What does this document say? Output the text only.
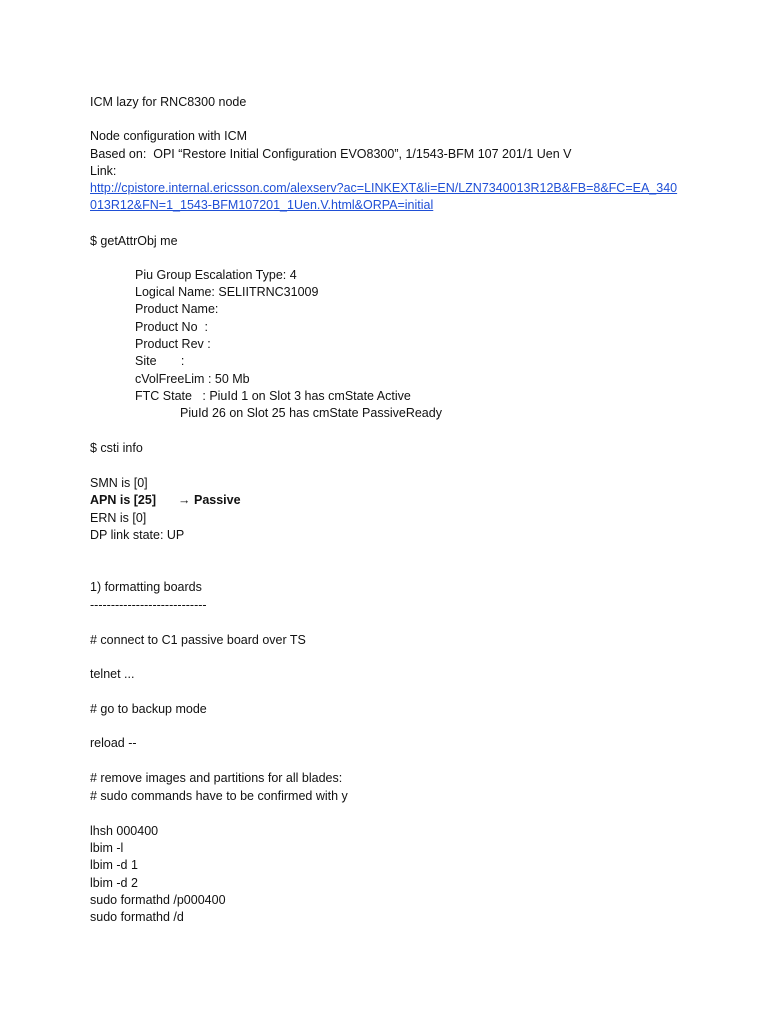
ICM lazy for RNC8300 node
Node configuration with ICM
Based on:  OPI “Restore Initial Configuration EVO8300”, 1/1543-BFM 107 201/1 Uen V
Link:
http://cpistore.internal.ericsson.com/alexserv?ac=LINKEXT&li=EN/LZN7340013R12B&FB=8&FC=EA_340
013R12&FN=1_1543-BFM107201_1Uen.V.html&ORPA=initial
$ getAttrObj me
Piu Group Escalation Type: 4
Logical Name: SELIITRNC31009
Product Name:
Product No  :
Product Rev :
Site       :
cVolFreeLim : 50 Mb
FTC State   : PiuId 1 on Slot 3 has cmState Active
PiuId 26 on Slot 25 has cmState PassiveReady
$ csti info
SMN is [0]
APN is [25] → Passive
ERN is [0]
DP link state: UP
1) formatting boards
----------------------------
# connect to C1 passive board over TS
telnet ...
# go to backup mode
reload --
# remove images and partitions for all blades:
# sudo commands have to be confirmed with y
lhsh 000400
lbim -l
lbim -d 1
lbim -d 2
sudo formathd /p000400
sudo formathd /d
